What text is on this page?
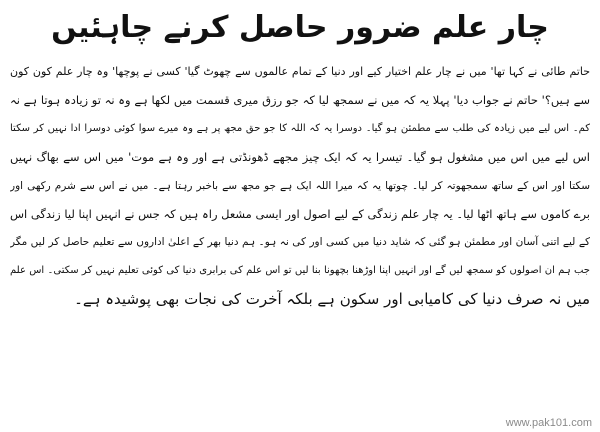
چار علم ضرور حاصل کرنے چاہئیں
حاتم طائی نے کہا تھا' میں نے چار علم اختیار کیے اور دنیا کے تمام عالموں سے چھوٹ گیا' کسی نے پوچھا' وہ چار علم کون کون
سے ہیں؟' حاتم نے جواب دیا' پہلا یہ کہ میں نے سمجھ لیا کہ جو رزق میری قسمت میں لکھا ہے وہ نہ تو زیادہ ہوتا ہے نہ
کم۔ اس لیے میں زیادہ کی طلب سے مطمئن ہو گیا۔ دوسرا یہ کہ اللہ کا جو حق مجھ پر ہے وہ میرے سوا کوئی دوسرا ادا نہیں کر سکتا
اس لیے میں اس میں مشغول ہو گیا۔ تیسرا یہ کہ ایک چیز مجھے ڈھونڈتی ہے اور وہ ہے موت' میں اس سے بھاگ نہیں
سکتا اور اس کے ساتھ سمجھوتہ کر لیا۔ چوتھا یہ کہ میرا اللہ ایک ہے جو مجھ سے باخبر رہتا ہے۔ میں نے اس سے شرم رکھی اور
برے کاموں سے ہاتھ اٹھا لیا۔ یہ چار علم زندگی کے لیے اصول اور ایسی مشعل راہ ہیں کہ جس نے انہیں اپنا لیا زندگی اس
کے لیے اتنی آسان اور مطمئن ہو گئی کہ شاید دنیا میں کسی اور کی نہ ہو۔ ہم دنیا بھر کے اعلیٰ اداروں سے تعلیم حاصل کر لیں مگر
جب ہم ان اصولوں کو سمجھ لیں گے اور انہیں اپنا اوڑھنا بچھونا بنا لیں تو اس علم کی برابری دنیا کی کوئی تعلیم نہیں کر سکتی۔ اس علم
میں نہ صرف دنیا کی کامیابی اور سکون ہے بلکہ آخرت کی نجات بھی پوشیدہ ہے۔
www.pak101.com
